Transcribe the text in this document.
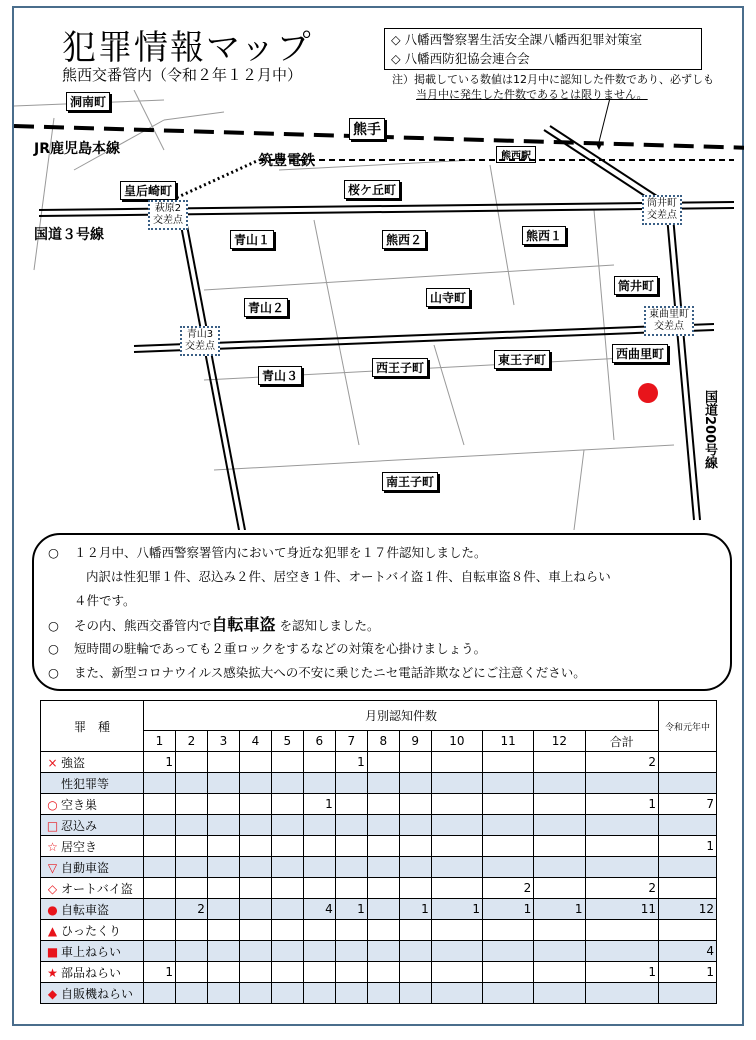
犯罪情報マップ
熊西交番管内（令和２年１２月中）
◇ 八幡西警察署生活安全課八幡西犯罪対策室
◇ 八幡西防犯協会連合会
注）掲載している数値は12月中に認知した件数であり、必ずしも
当月中に発生した件数であるとは限りません。
洞南町
熊手
JR鹿児島本線
筑豊電鉄	熊西駅
桜ケ丘町
皇后崎町
国道３号線
萩原2
交差点
筒井町
交差点
青山3
交差点
東曲里町
交差点
青山１	熊西２	熊西１
青山２
山寺町
筒井町
青山３
西王子町
東王子町	西曲里町
南王子町
国道200号線
○ １２月中、八幡西警察署管内において身近な犯罪を１７件認知しました。
内訳は性犯罪１件、忍込み２件、居空き１件、オートバイ盗１件、自転車盗８件、車上ねらい
４件です。
○ その内、熊西交番管内で自転車盗 を認知しました。
○ 短時間の駐輪であっても２重ロックをするなどの対策を心掛けましょう。
○ また、新型コロナウイルス感染拡大への不安に乗じたニセ電話詐欺などにご注意ください。
罪　種	月別認知件数													令和元年中
	1	2	3	4	5	6	7	8	9	10	11	12	合計	
× 強盗	1						1						2	
性犯罪等														
○ 空き巣						1							1	7
□ 忍込み														
☆ 居空き														1
▽ 自動車盗														
◇ オートバイ盗											2		2	
● 自転車盗		2				4	1		1	1	1	1	11	12
▲ ひったくり														
■ 車上ねらい														4
★ 部品ねらい	1												1	1
◆ 自販機ねらい														
